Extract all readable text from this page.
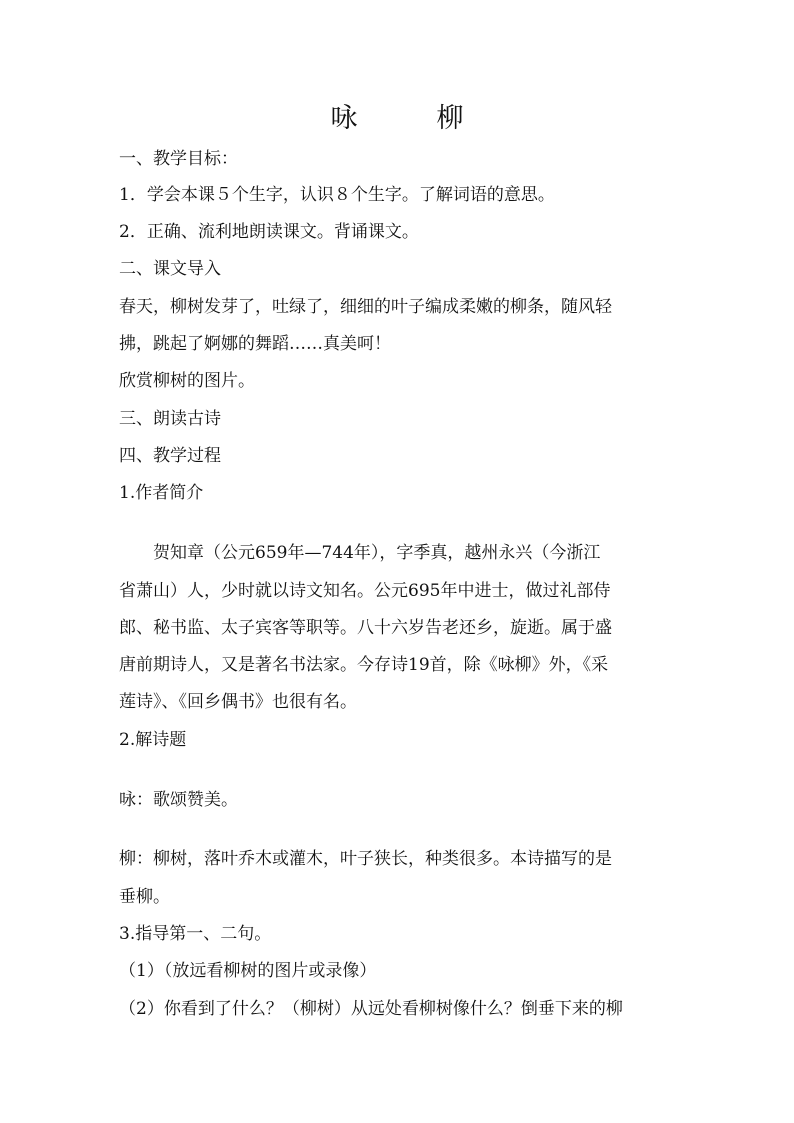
咏　柳
一、教学目标：
1．学会本课５个生字，认识８个生字。了解词语的意思。
2．正确、流利地朗读课文。背诵课文。
二、课文导入
春天，柳树发芽了，吐绿了，细细的叶子编成柔嫩的柳条，随风轻
拂，跳起了婀娜的舞蹈……真美呵！
欣赏柳树的图片。
三、朗读古诗
四、教学过程
1.作者简介
贺知章（公元659年—744年），字季真，越州永兴（今浙江
省萧山）人，少时就以诗文知名。公元695年中进士，做过礼部侍
郎、秘书监、太子宾客等职等。八十六岁告老还乡，旋逝。属于盛
唐前期诗人，又是著名书法家。今存诗19首，除《咏柳》外，《采
莲诗》、《回乡偶书》也很有名。
2.解诗题
咏：歌颂赞美。
柳：柳树，落叶乔木或灌木，叶子狭长，种类很多。本诗描写的是
垂柳。
3.指导第一、二句。
（1）（放远看柳树的图片或录像）
（2）你看到了什么？（柳树）从远处看柳树像什么？倒垂下来的柳
